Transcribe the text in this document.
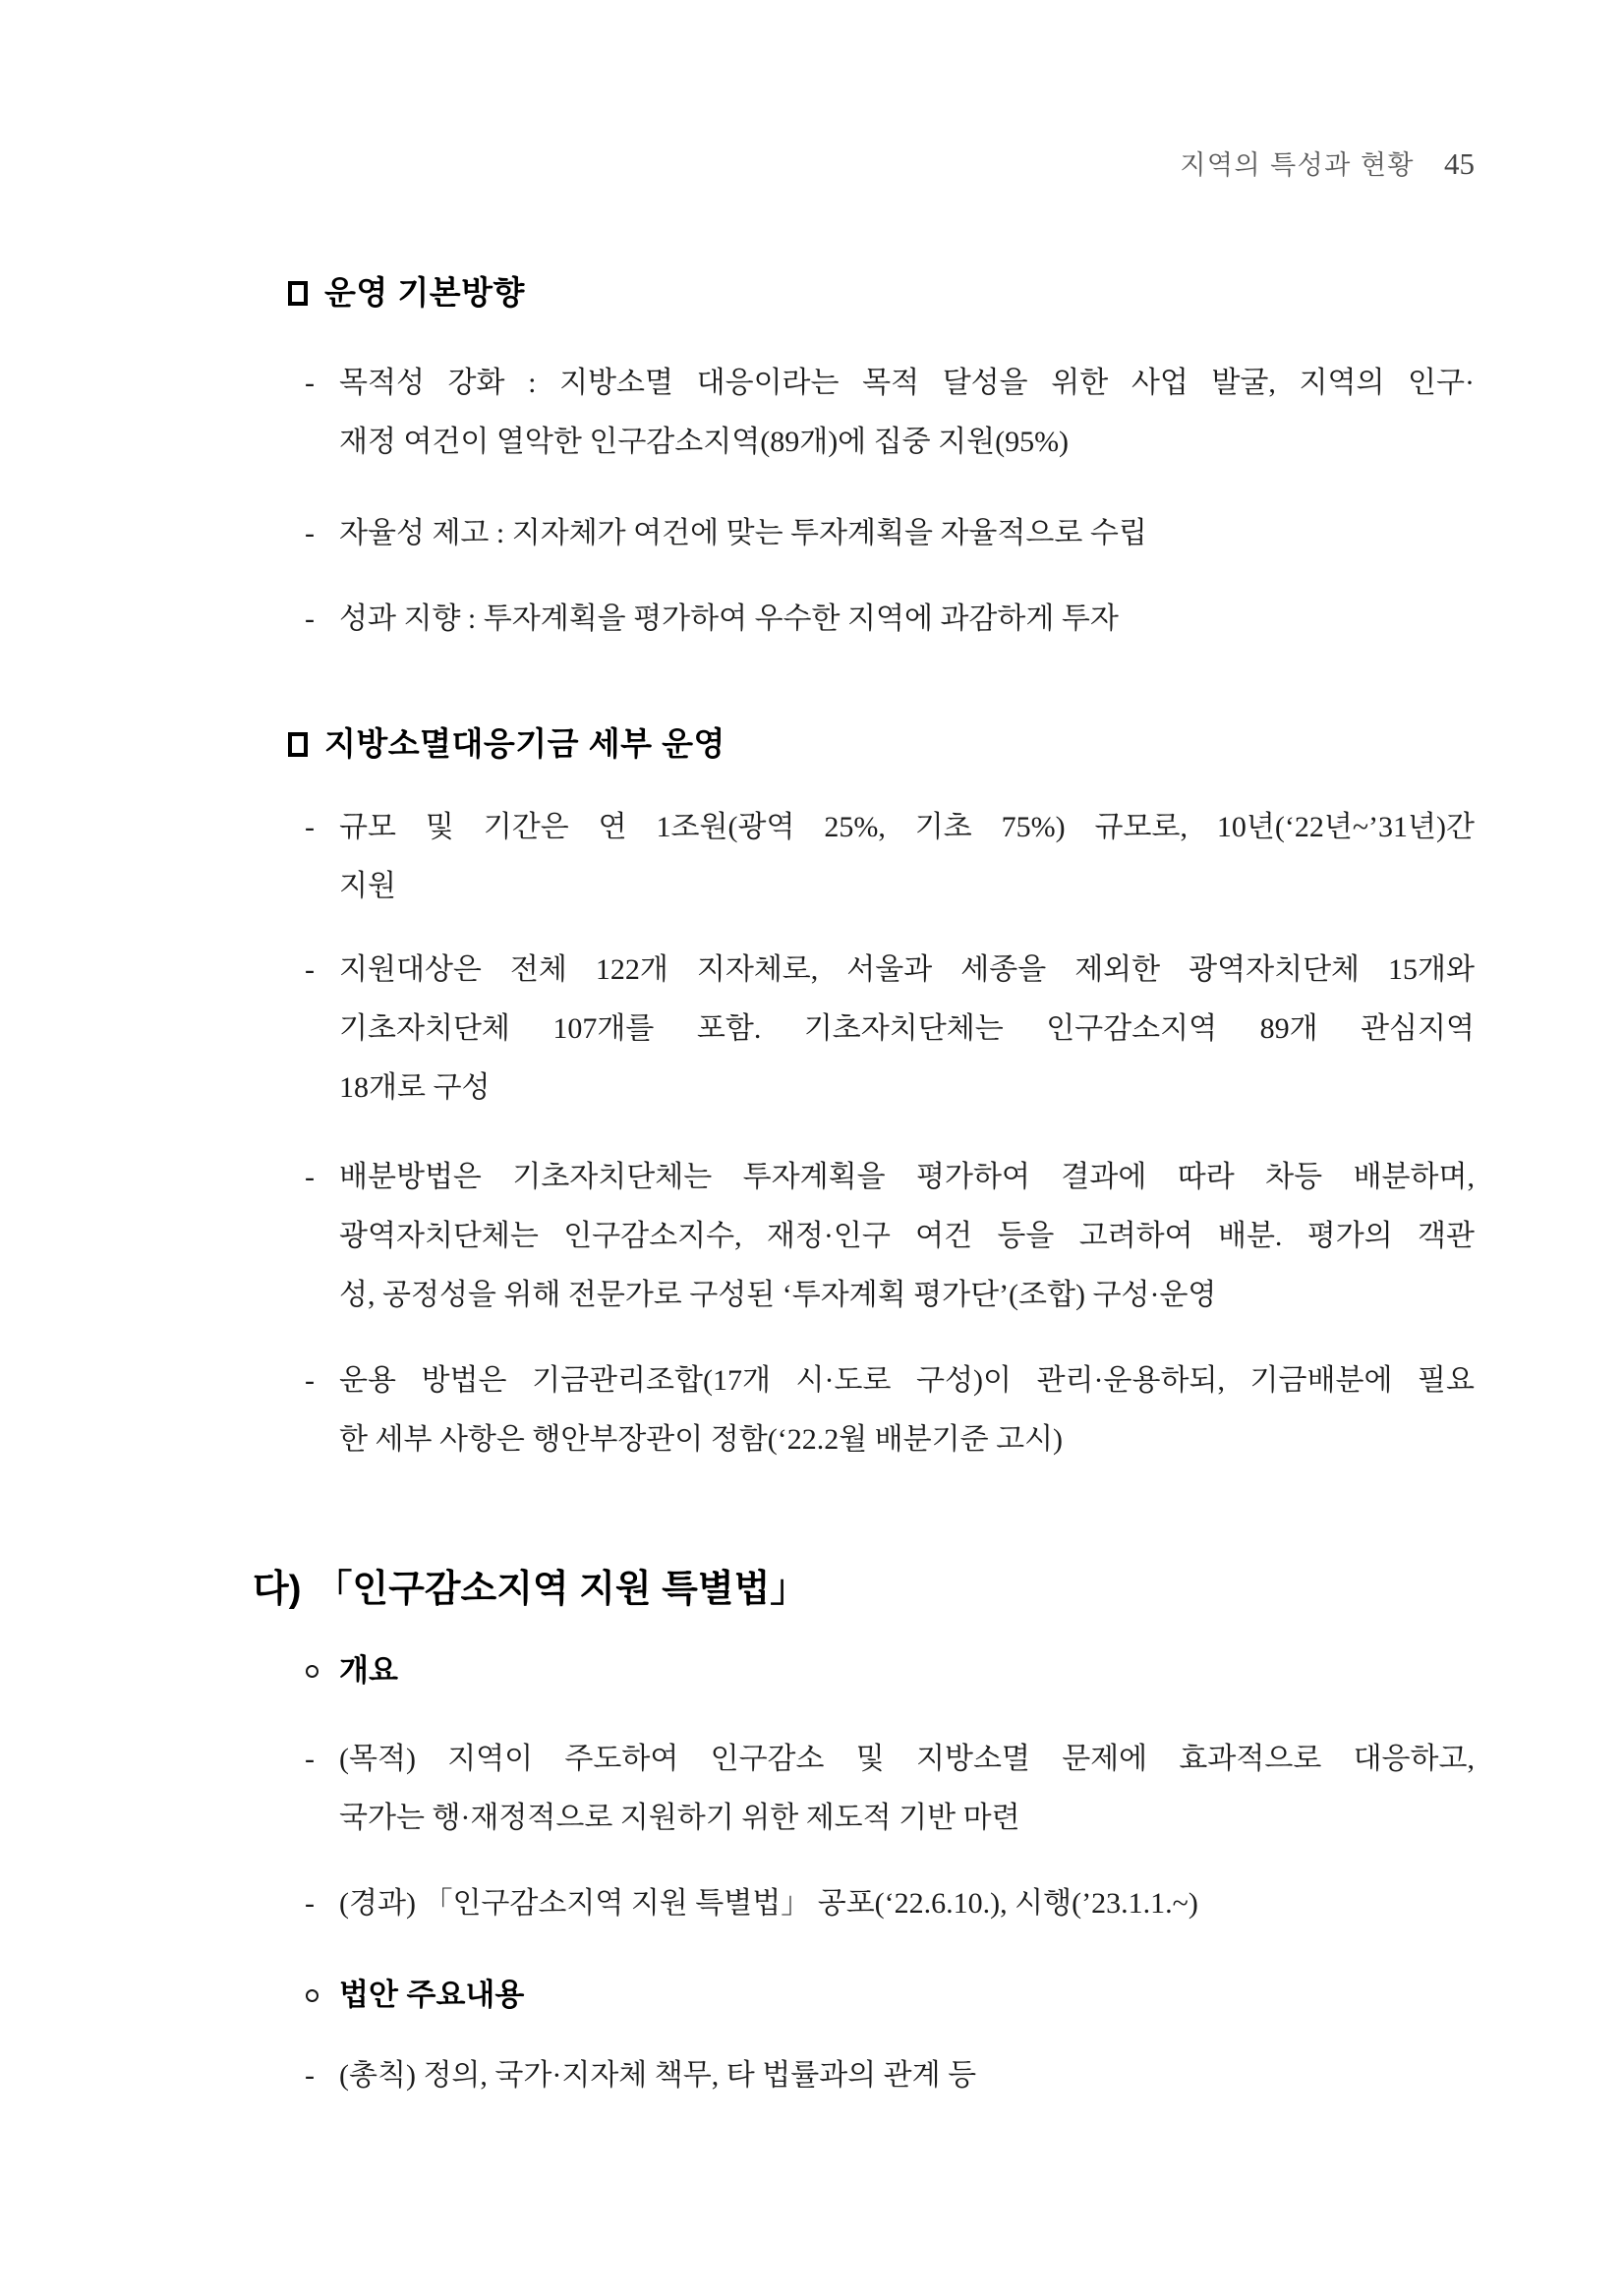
지역의 특성과 현황 45
운영 기본방향
- 목적성 강화 : 지방소멸 대응이라는 목적 달성을 위한 사업 발굴, 지역의 인구·
재정 여건이 열악한 인구감소지역(89개)에 집중 지원(95%)
- 자율성 제고 : 지자체가 여건에 맞는 투자계획을 자율적으로 수립
- 성과 지향 : 투자계획을 평가하여 우수한 지역에 과감하게 투자
지방소멸대응기금 세부 운영
- 규모 및 기간은 연 1조원(광역 25%, 기초 75%) 규모로, 10년(‘22년~’31년)간
지원
- 지원대상은 전체 122개 지자체로, 서울과 세종을 제외한 광역자치단체 15개와
기초자치단체 107개를 포함. 기초자치단체는 인구감소지역 89개 관심지역
18개로 구성
- 배분방법은 기초자치단체는 투자계획을 평가하여 결과에 따라 차등 배분하며,
광역자치단체는 인구감소지수, 재정·인구 여건 등을 고려하여 배분. 평가의 객관
성, 공정성을 위해 전문가로 구성된 ‘투자계획 평가단’(조합) 구성·운영
- 운용 방법은 기금관리조합(17개 시·도로 구성)이 관리·운용하되, 기금배분에 필요
한 세부 사항은 행안부장관이 정함(‘22.2월 배분기준 고시)
다) 「인구감소지역 지원 특별법」
개요
- (목적) 지역이 주도하여 인구감소 및 지방소멸 문제에 효과적으로 대응하고,
국가는 행·재정적으로 지원하기 위한 제도적 기반 마련
- (경과) 「인구감소지역 지원 특별법」 공포(‘22.6.10.), 시행(’23.1.1.~)
법안 주요내용
- (총칙) 정의, 국가·지자체 책무, 타 법률과의 관계 등
